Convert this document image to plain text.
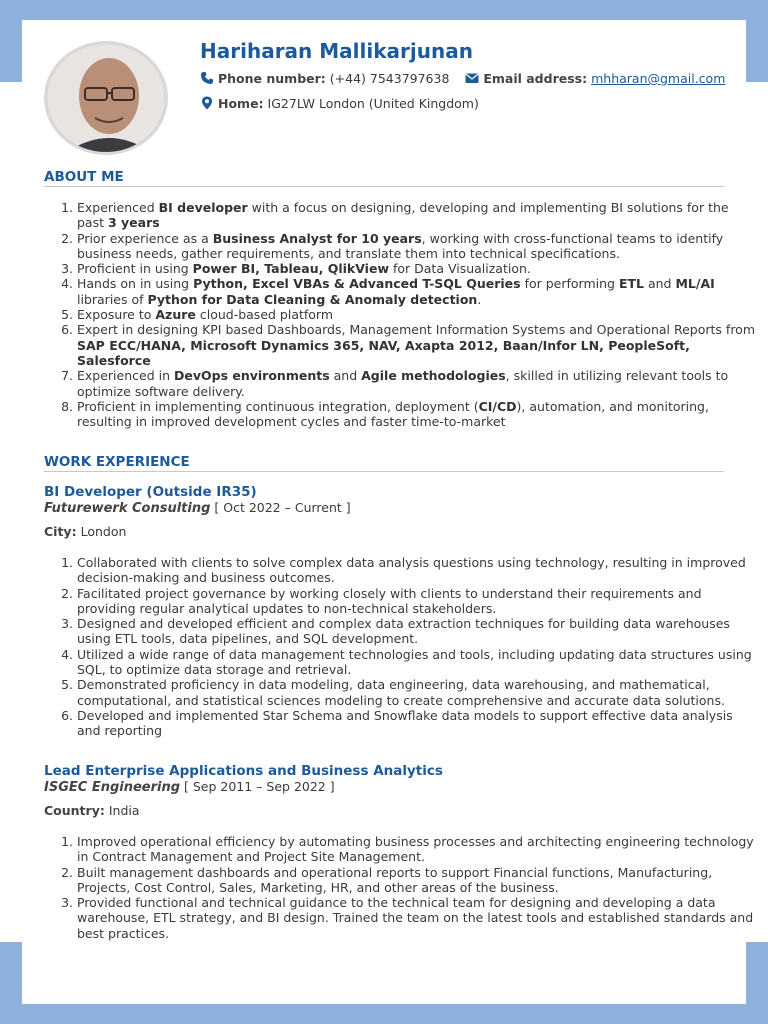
Hariharan Mallikarjunan
Phone number: (+44) 7543797638	Email address: mhharan@gmail.com
Home: IG27LW London (United Kingdom)
ABOUT ME
1. Experienced BI developer with a focus on designing, developing and implementing BI solutions for the past 3 years
2. Prior experience as a Business Analyst for 10 years, working with cross-functional teams to identify business needs, gather requirements, and translate them into technical specifications.
3. Proficient in using Power BI, Tableau, QlikView for Data Visualization.
4. Hands on in using Python, Excel VBAs & Advanced T-SQL Queries for performing ETL and ML/AI libraries of Python for Data Cleaning & Anomaly detection.
5. Exposure to Azure cloud-based platform
6. Expert in designing KPI based Dashboards, Management Information Systems and Operational Reports from SAP ECC/HANA, Microsoft Dynamics 365, NAV, Axapta 2012, Baan/Infor LN, PeopleSoft, Salesforce
7. Experienced in DevOps environments and Agile methodologies, skilled in utilizing relevant tools to optimize software delivery.
8. Proficient in implementing continuous integration, deployment (CI/CD), automation, and monitoring, resulting in improved development cycles and faster time-to-market
WORK EXPERIENCE
BI Developer (Outside IR35)
Futurewerk Consulting [ Oct 2022 – Current ]
City: London
1. Collaborated with clients to solve complex data analysis questions using technology, resulting in improved decision-making and business outcomes.
2. Facilitated project governance by working closely with clients to understand their requirements and providing regular analytical updates to non-technical stakeholders.
3. Designed and developed efficient and complex data extraction techniques for building data warehouses using ETL tools, data pipelines, and SQL development.
4. Utilized a wide range of data management technologies and tools, including updating data structures using SQL, to optimize data storage and retrieval.
5. Demonstrated proficiency in data modeling, data engineering, data warehousing, and mathematical, computational, and statistical sciences modeling to create comprehensive and accurate data solutions.
6. Developed and implemented Star Schema and Snowflake data models to support effective data analysis and reporting
Lead Enterprise Applications and Business Analytics
ISGEC Engineering [ Sep 2011 – Sep 2022 ]
Country: India
1. Improved operational efficiency by automating business processes and architecting engineering technology in Contract Management and Project Site Management.
2. Built management dashboards and operational reports to support Financial functions, Manufacturing, Projects, Cost Control, Sales, Marketing, HR, and other areas of the business.
3. Provided functional and technical guidance to the technical team for designing and developing a data warehouse, ETL strategy, and BI design. Trained the team on the latest tools and established standards and best practices.
